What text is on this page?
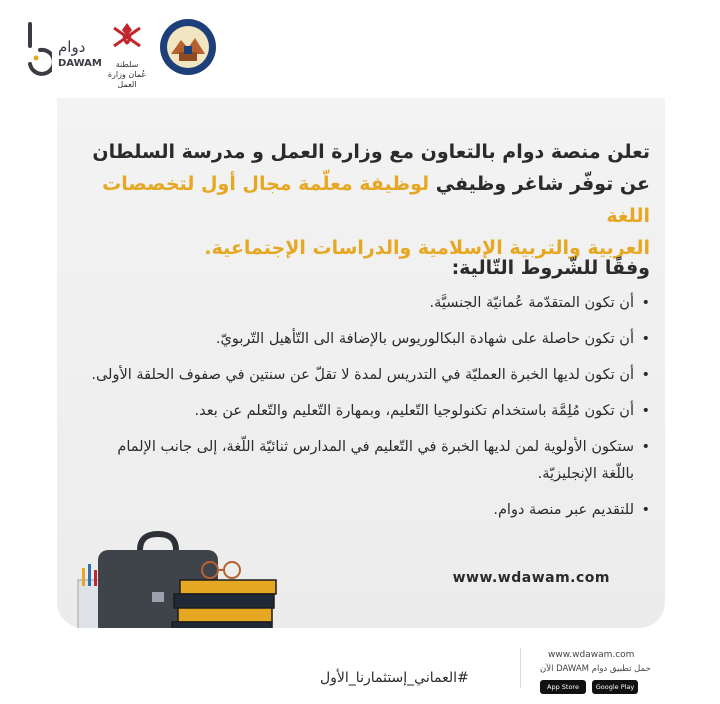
سلطنة عُمان وزارة العمل
دوام
DAWAM

تعلن منصة دوام بالتعاون مع وزارة العمل و مدرسة السلطان
عن توفّر شاغر وظيفي لوظيفة معلّمة مجال أول لتخصصات اللغة
العربية والتربية الإسلامية والدراسات الإجتماعية.

وفقًا للشّروط التّالية:

• أن تكون المتقدّمة عُمانيّة الجنسيَّة.
• أن تكون حاصلة على شهادة البكالوريوس بالإضافة الى التّأهيل التّربويّ.
• أن تكون لديها الخبرة العمليّة في التدريس لمدة لا تقلّ عن سنتين في صفوف الحلقة الأولى.
• أن تكون مُلِمَّة باستخدام تكنولوجيا التّعليم، وبمهارة التّعليم والتّعلم عن بعد.
• ستكون الأولوية لمن لديها الخبرة في التّعليم في المدارس ثنائيّة اللّغة، إلى جانب الإلمام باللّغة الإنجليزيّة.
• للتقديم عبر منصة دوام.
www.wdawam.com
#العماني_إستثمارنا_الأول
www.wdawam.com
حمل تطبيق دوام DAWAM الآن
App Store	Google Play
